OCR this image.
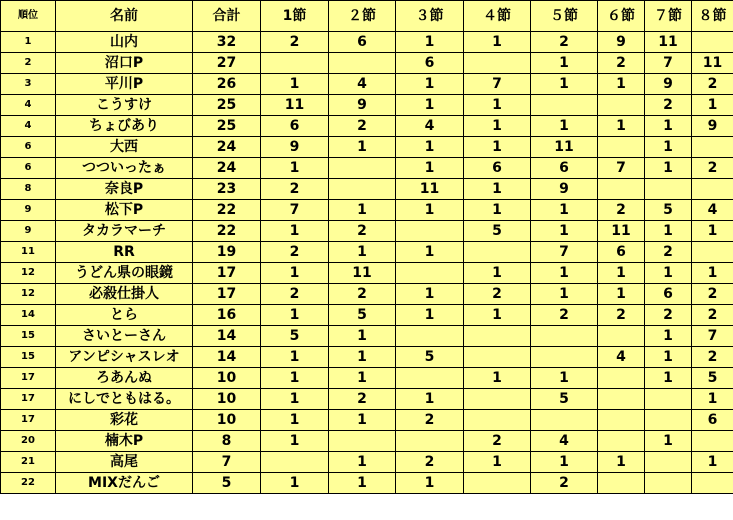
順位	名前	合計	1節	２節	３節	４節	５節	６節	７節	８節
1	山内	32	2	6	1	1	2	9	11	
2	沼口P	27			6		1	2	7	11
3	平川P	26	1	4	1	7	1	1	9	2
4	こうすけ	25	11	9	1	1			2	1
4	ちょびあり	25	6	2	4	1	1	1	1	9
6	大西	24	9	1	1	1	11		1	
6	つついったぁ	24	1		1	6	6	7	1	2
8	奈良P	23	2		11	1	9			
9	松下P	22	7	1	1	1	1	2	5	4
9	タカラマーチ	22	1	2		5	1	11	1	1
11	RR	19	2	1	1		7	6	2	
12	うどん県の眼鏡	17	1	11		1	1	1	1	1
12	必殺仕掛人	17	2	2	1	2	1	1	6	2
14	とら	16	1	5	1	1	2	2	2	2
15	さいとーさん	14	5	1					1	7
15	アンピシャスレオ	14	1	1	5			4	1	2
17	ろあんぬ	10	1	1		1	1		1	5
17	にしでともはる。	10	1	2	1		5			1
17	彩花	10	1	1	2					6
20	楠木P	8	1			2	4		1	
21	高尾	7		1	2	1	1	1		1
22	MIXだんご	5	1	1	1		2			
